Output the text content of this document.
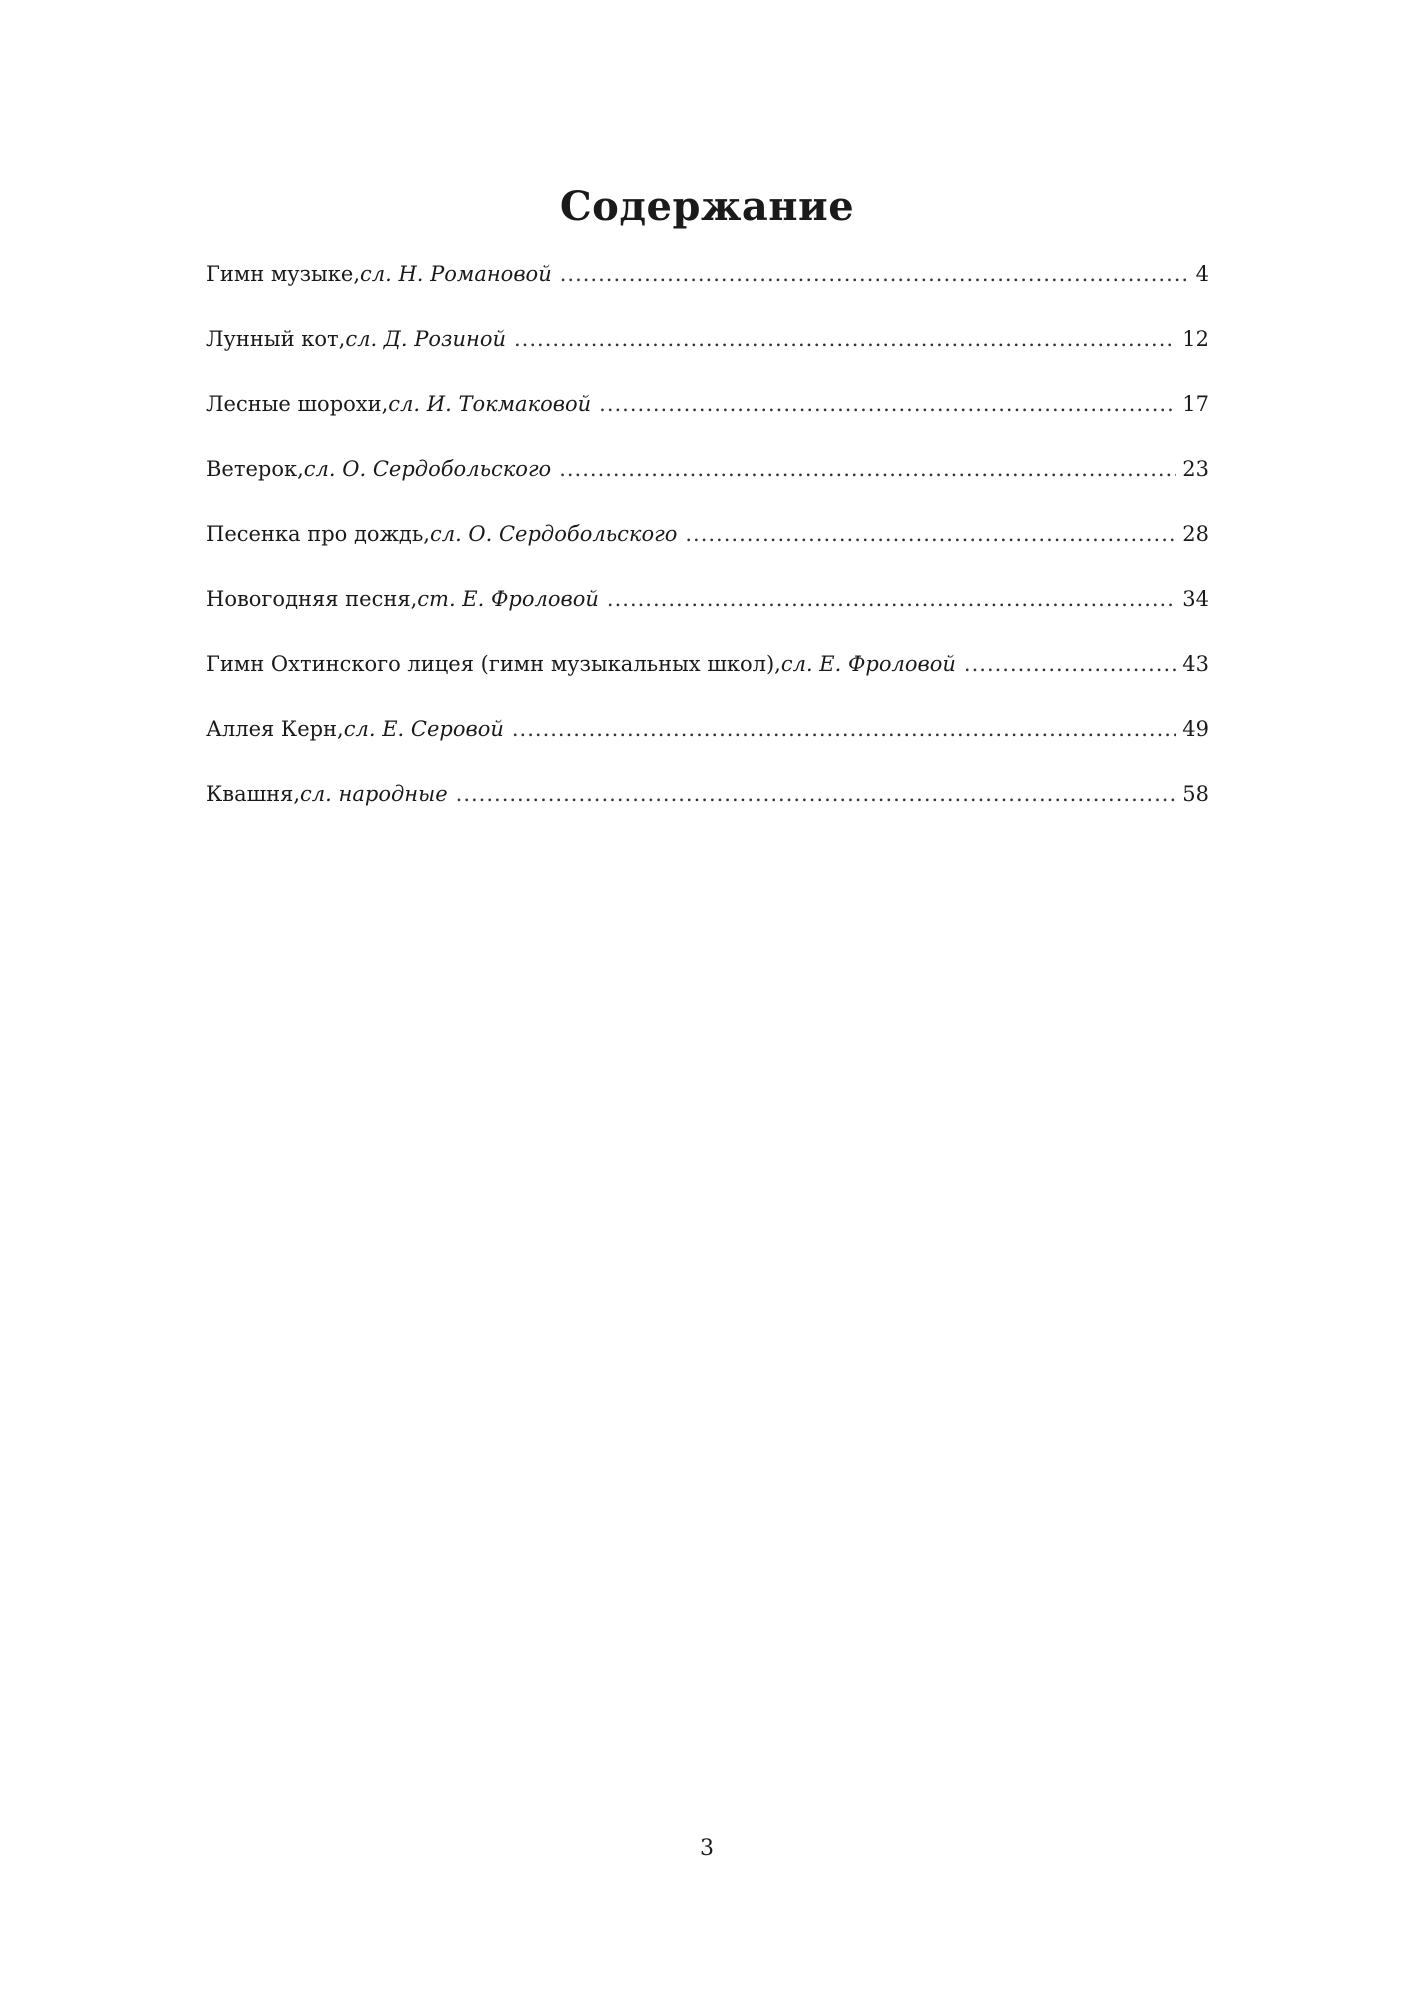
Содержание
Гимн музыке, сл. Н. Романовой .....	4
Лунный кот, сл. Д. Розиной .....	12
Лесные шорохи, сл. И. Токмаковой .....	17
Ветерок, сл. О. Сердобольского .....	23
Песенка про дождь, сл. О. Сердобольского .....	28
Новогодняя песня, ст. Е. Фроловой .....	34
Гимн Охтинского лицея (гимн музыкальных школ), сл. Е. Фроловой .....	43
Аллея Керн, сл. Е. Серовой .....	49
Квашня, сл. народные .....	58
3
